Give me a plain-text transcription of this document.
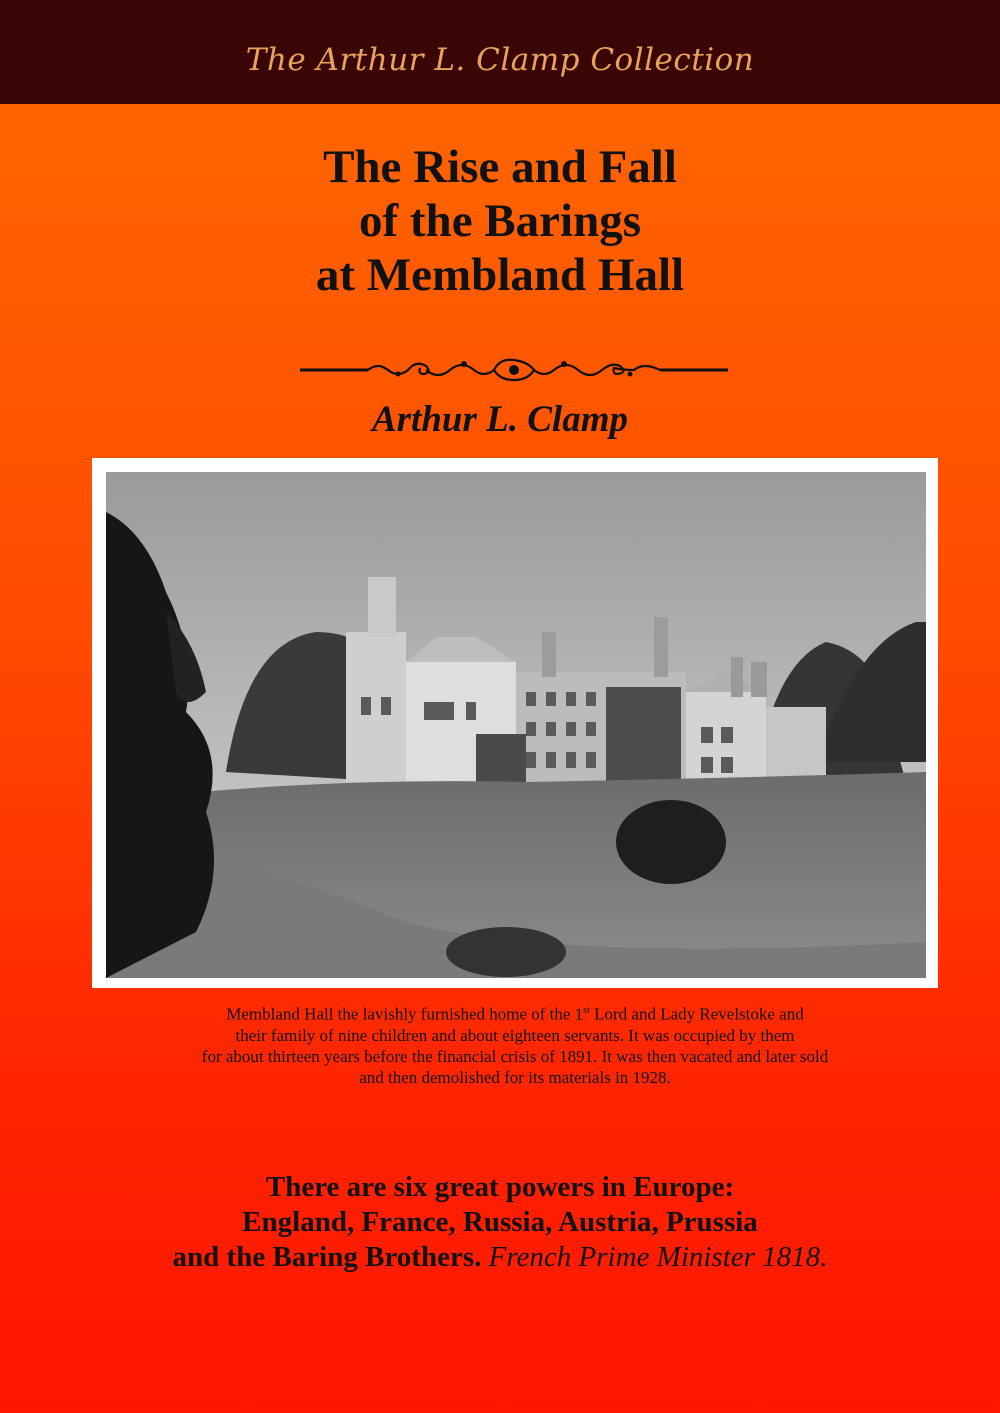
The Arthur L. Clamp Collection
The Rise and Fall
of the Barings
at Membland Hall
Arthur L. Clamp
Membland Hall the lavishly furnished home of the 1st Lord and Lady Revelstoke and
their family of nine children and about eighteen servants. It was occupied by them
for about thirteen years before the financial crisis of 1891. It was then vacated and later sold
and then demolished for its materials in 1928.
There are six great powers in Europe:
England, France, Russia, Austria, Prussia
and the Baring Brothers. French Prime Minister 1818.
